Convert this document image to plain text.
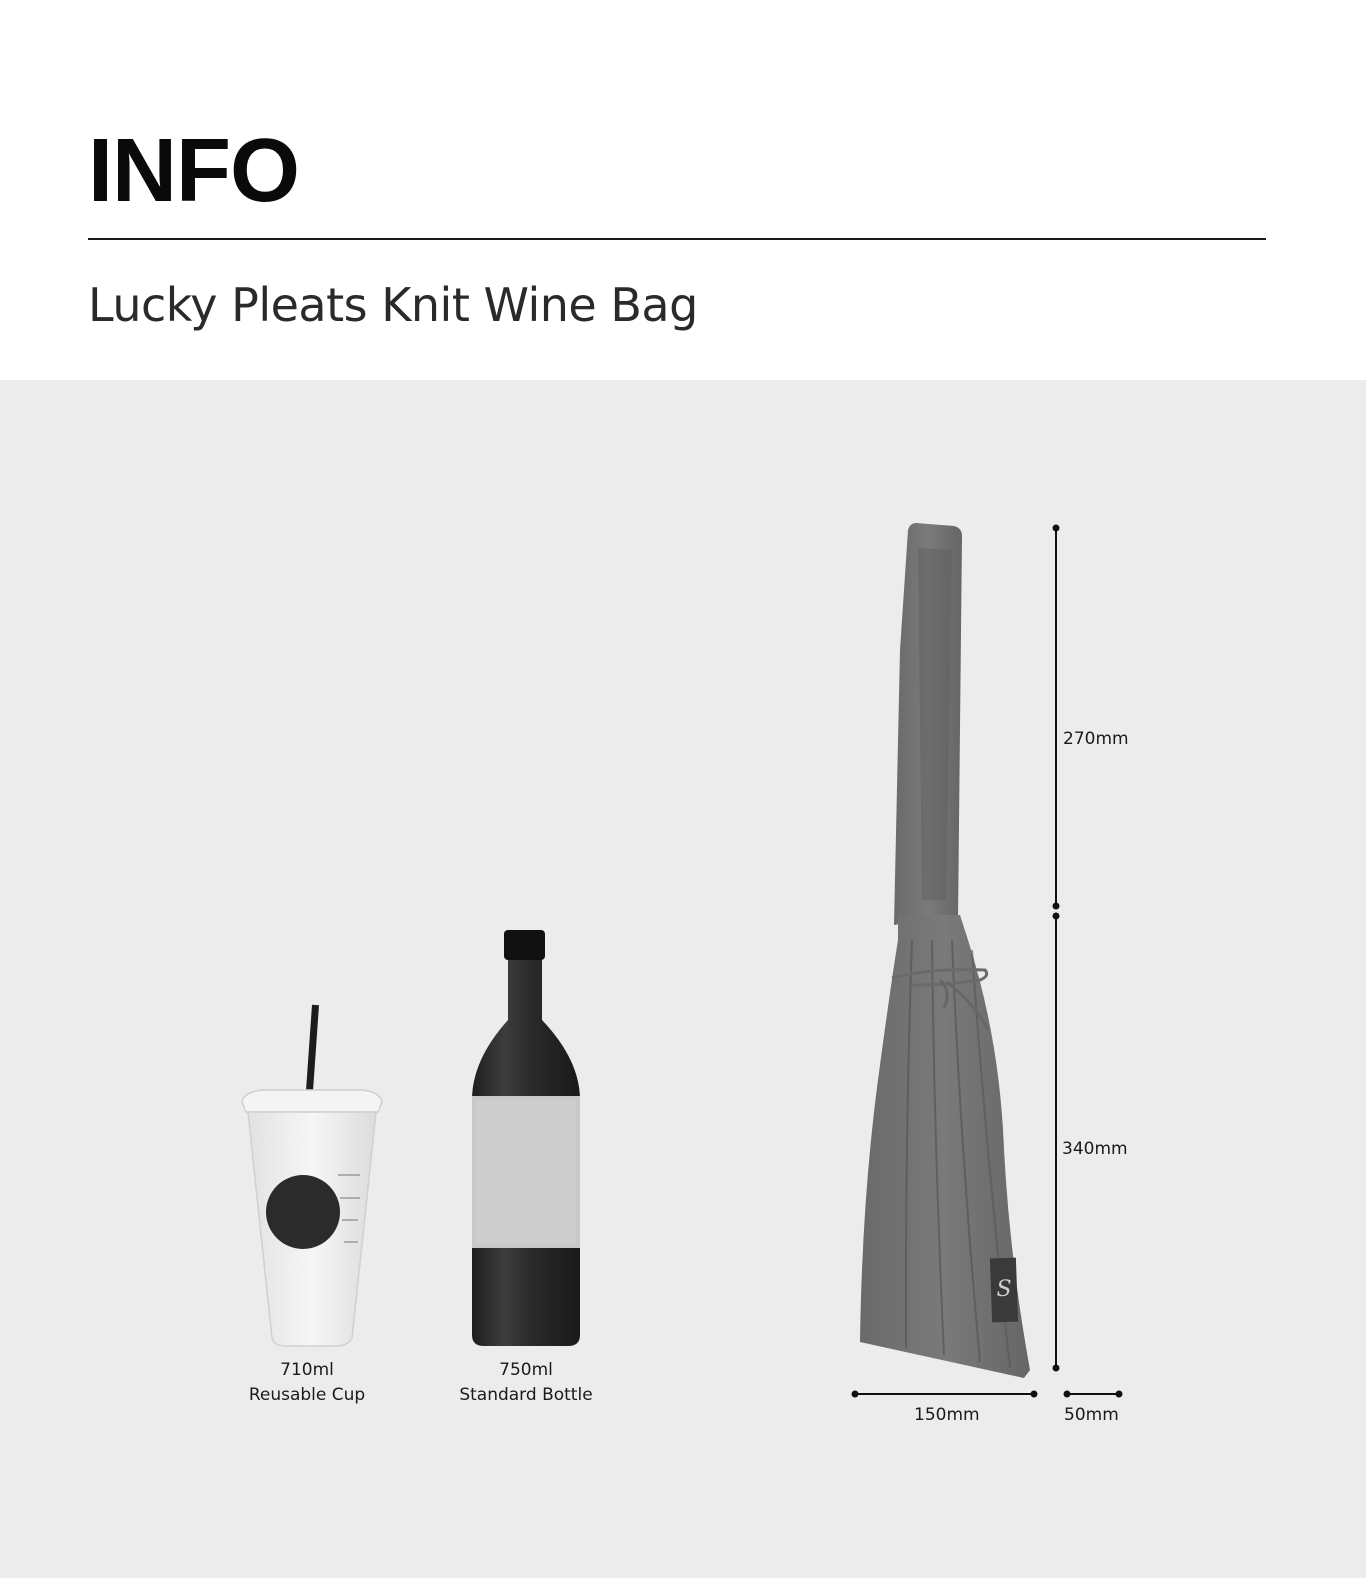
INFO
Lucky Pleats Knit Wine Bag
S
710ml
Reusable Cup
750ml
Standard Bottle
270mm
340mm
150mm	50mm
